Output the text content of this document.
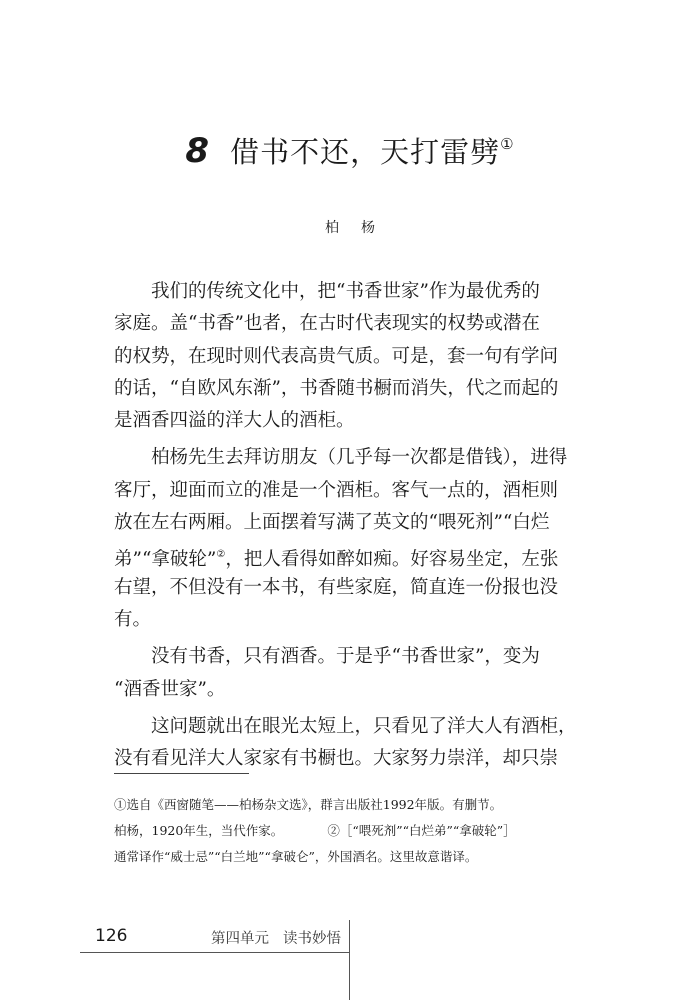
8 借书不还，天打雷劈①
柏杨
我们的传统文化中，把“书香世家”作为最优秀的
家庭。盖“书香”也者，在古时代表现实的权势或潜在
的权势，在现时则代表高贵气质。可是，套一句有学问
的话，“自欧风东渐”，书香随书橱而消失，代之而起的
是酒香四溢的洋大人的酒柜。
柏杨先生去拜访朋友（几乎每一次都是借钱），进得
客厅，迎面而立的准是一个酒柜。客气一点的，酒柜则
放在左右两厢。上面摆着写满了英文的“喂死剂”“白烂
弟”“拿破轮”②，把人看得如醉如痴。好容易坐定，左张
右望，不但没有一本书，有些家庭，简直连一份报也没
有。
没有书香，只有酒香。于是乎“书香世家”，变为
“酒香世家”。
这问题就出在眼光太短上，只看见了洋大人有酒柜，
没有看见洋大人家家有书橱也。大家努力崇洋，却只崇
①选自《西窗随笔——柏杨杂文选》，群言出版社1992年版。有删节。
柏杨，1920年生，当代作家。	②［“喂死剂”“白烂弟”“拿破轮”］
通常译作“威士忌”“白兰地”“拿破仑”，外国酒名。这里故意谐译。
126	第四单元 读书妙悟
